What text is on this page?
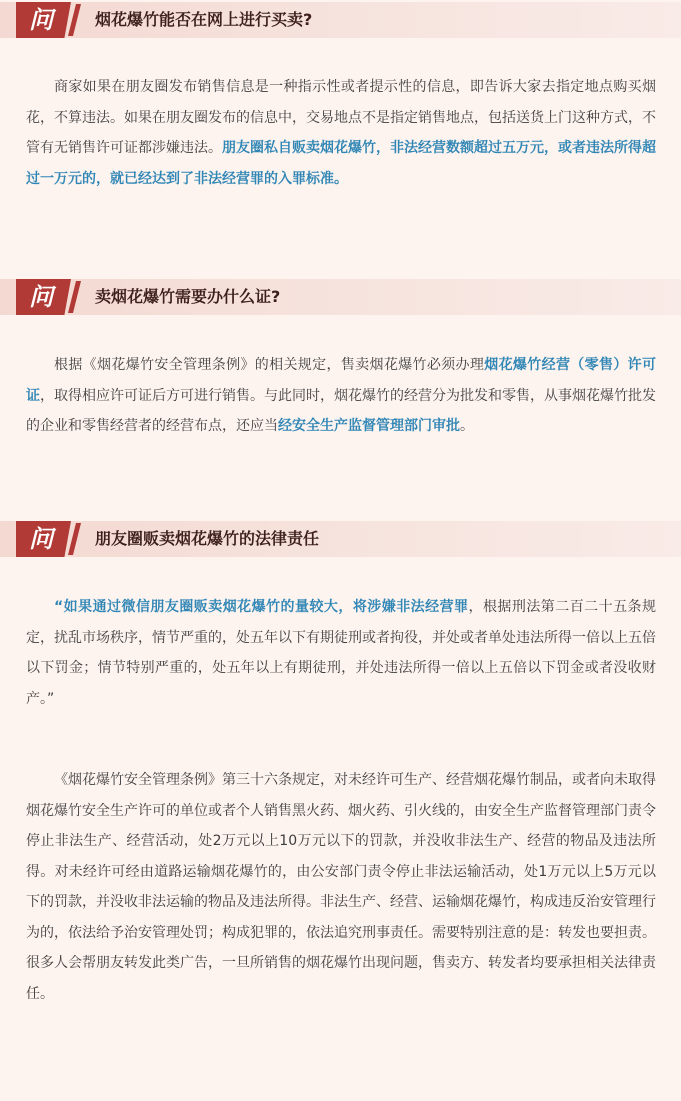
问	烟花爆竹能否在网上进行买卖?

商家如果在朋友圈发布销售信息是一种指示性或者提示性的信息，即告诉大家去指定地点购买烟花，不算违法。如果在朋友圈发布的信息中，交易地点不是指定销售地点，包括送货上门这种方式，不管有无销售许可证都涉嫌违法。朋友圈私自贩卖烟花爆竹，非法经营数额超过五万元，或者违法所得超过一万元的，就已经达到了非法经营罪的入罪标准。

问	卖烟花爆竹需要办什么证?

根据《烟花爆竹安全管理条例》的相关规定，售卖烟花爆竹必须办理烟花爆竹经营（零售）许可证，取得相应许可证后方可进行销售。与此同时，烟花爆竹的经营分为批发和零售，从事烟花爆竹批发的企业和零售经营者的经营布点，还应当经安全生产监督管理部门审批。

问	朋友圈贩卖烟花爆竹的法律责任

“如果通过微信朋友圈贩卖烟花爆竹的量较大，将涉嫌非法经营罪，根据刑法第二百二十五条规定，扰乱市场秩序，情节严重的，处五年以下有期徒刑或者拘役，并处或者单处违法所得一倍以上五倍以下罚金；情节特别严重的，处五年以上有期徒刑，并处违法所得一倍以上五倍以下罚金或者没收财产。”

《烟花爆竹安全管理条例》第三十六条规定，对未经许可生产、经营烟花爆竹制品，或者向未取得烟花爆竹安全生产许可的单位或者个人销售黑火药、烟火药、引火线的，由安全生产监督管理部门责令停止非法生产、经营活动，处2万元以上10万元以下的罚款，并没收非法生产、经营的物品及违法所得。对未经许可经由道路运输烟花爆竹的，由公安部门责令停止非法运输活动，处1万元以上5万元以下的罚款，并没收非法运输的物品及违法所得。非法生产、经营、运输烟花爆竹，构成违反治安管理行为的，依法给予治安管理处罚；构成犯罪的，依法追究刑事责任。需要特别注意的是：转发也要担责。很多人会帮朋友转发此类广告，一旦所销售的烟花爆竹出现问题，售卖方、转发者均要承担相关法律责任。
